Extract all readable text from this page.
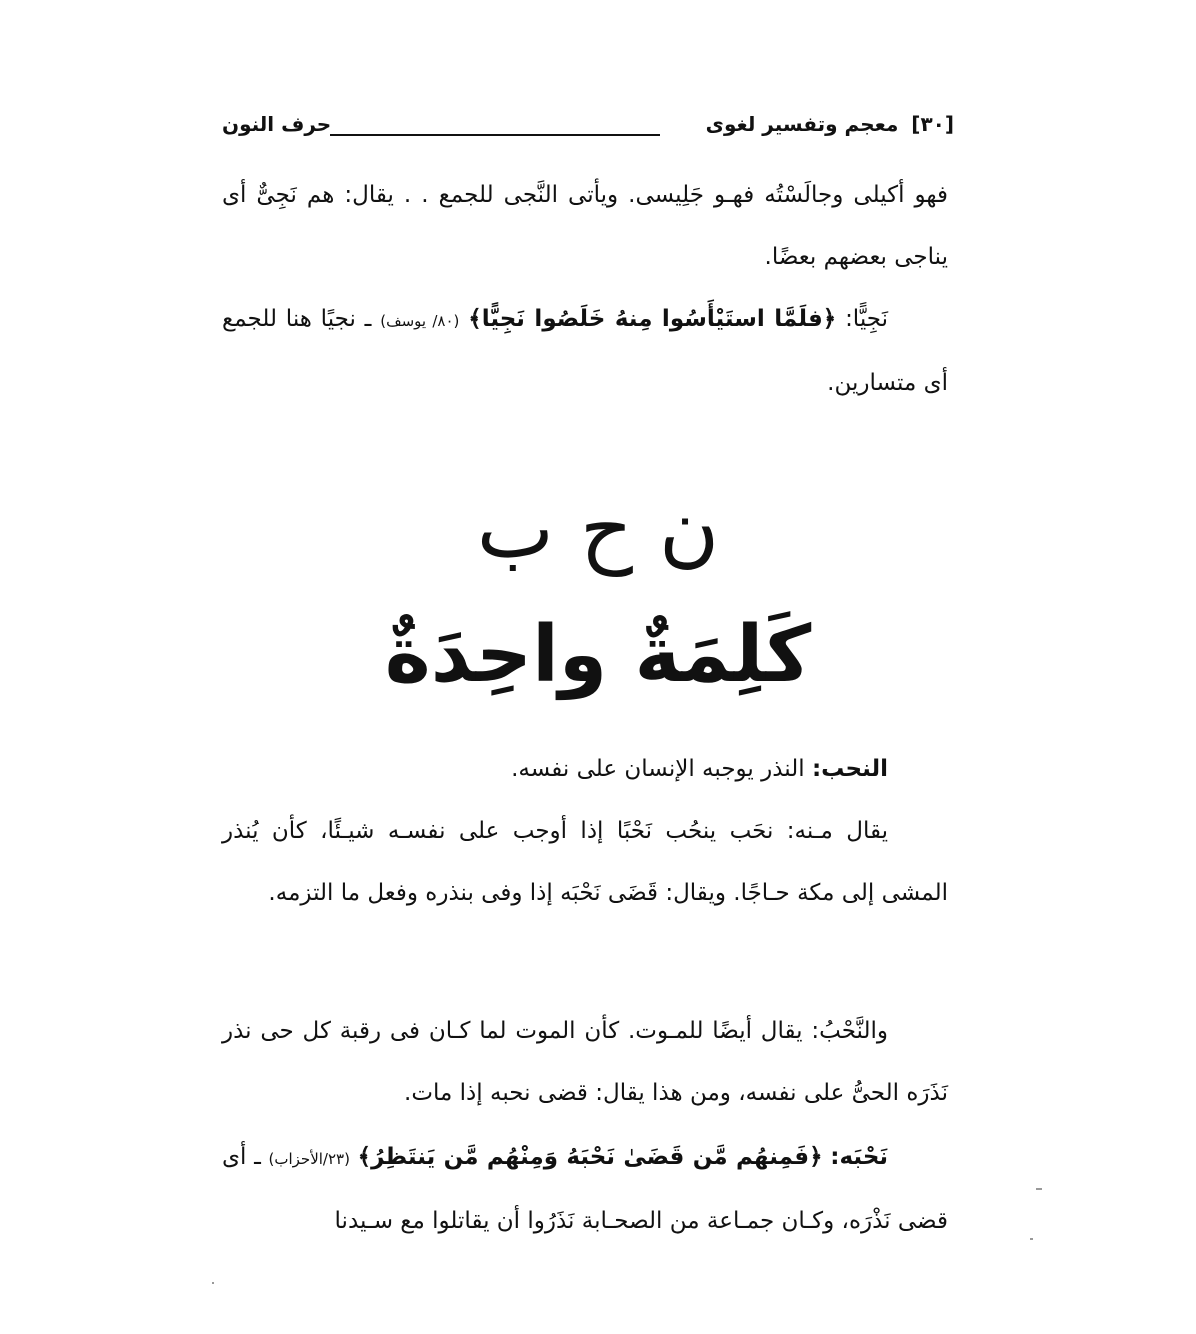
[٣٠] معجم وتفسير لغوى
حرف النون
فهو أكيلى وجالَسْتُه فهـو جَلِيسى. ويأتى النَّجى للجمع . . يقال: هم نَجِىٌّ أى يناجى بعضهم بعضًا.
نَجِيًّا: ﴿فلَمَّا استَيْأَسُوا مِنهُ خَلَصُوا نَجِيًّا﴾ (٨٠/ يوسف) ـ نجيًا هنا للجمع أى متسارين.
ن ح ب
كَلِمَةٌ واحِدَةٌ
النحب: النذر يوجبه الإنسان على نفسه.
يقال مـنه: نحَب ينحُب نَحْبًا إذا أوجب على نفسـه شيـئًا، كأن يُنذر المشى إلى مكة حـاجًا. ويقال: قَضَى نَحْبَه إذا وفى بنذره وفعل ما التزمه.
والنَّحْبُ: يقال أيضًا للمـوت. كأن الموت لما كـان فى رقبة كل حى نذر نَذَرَه الحىُّ على نفسه، ومن هذا يقال: قضى نحبه إذا مات.
نَحْبَه: ﴿فَمِنهُم مَّن قَضَىٰ نَحْبَهُ وَمِنْهُم مَّن يَنتَظِرُ﴾ (٢٣/الأحزاب) ـ أى قضى نَذْرَه، وكـان جمـاعة من الصحـابة نَذَرُوا أن يقاتلوا مع سـيدنا
